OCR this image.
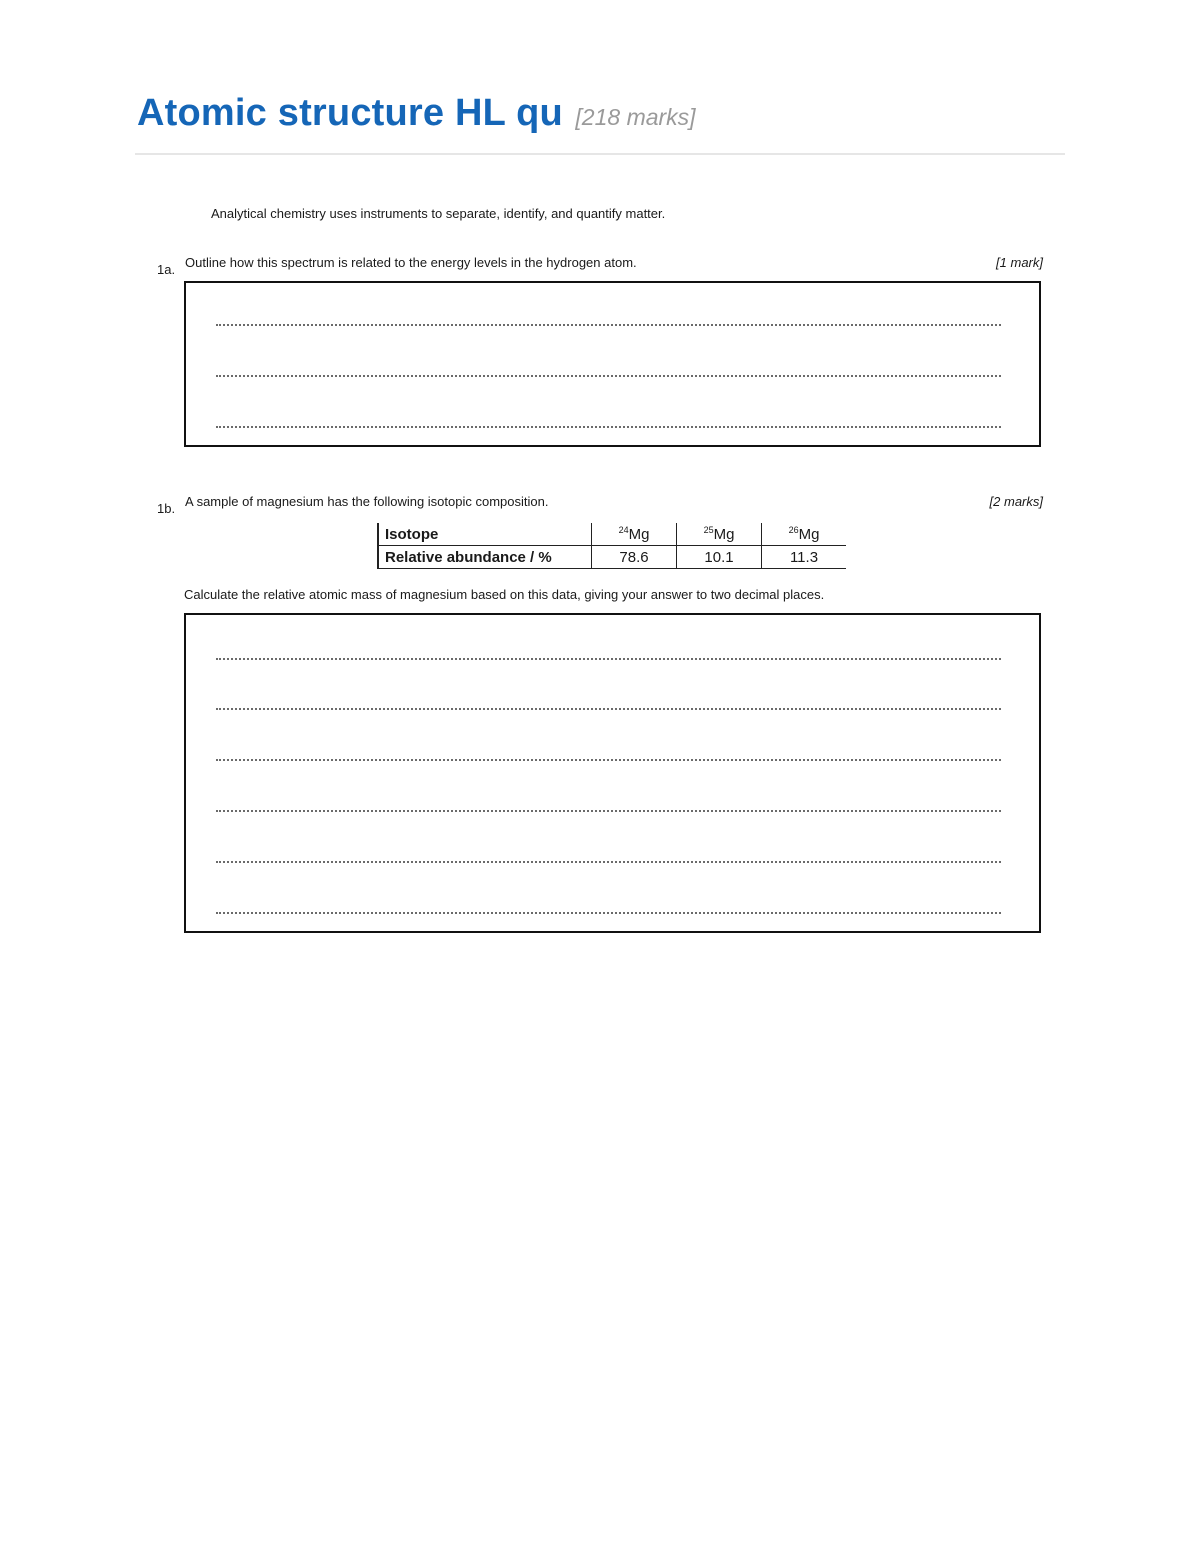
Atomic structure HL qu [218 marks]
Analytical chemistry uses instruments to separate, identify, and quantify matter.
1a. Outline how this spectrum is related to the energy levels in the hydrogen atom.	[1 mark]
1b. A sample of magnesium has the following isotopic composition.	[2 marks]
Isotope	$^{24}$Mg	$^{25}$Mg	$^{26}$Mg
Relative abundance / %	78.6	10.1	11.3
Calculate the relative atomic mass of magnesium based on this data, giving your answer to two decimal places.
